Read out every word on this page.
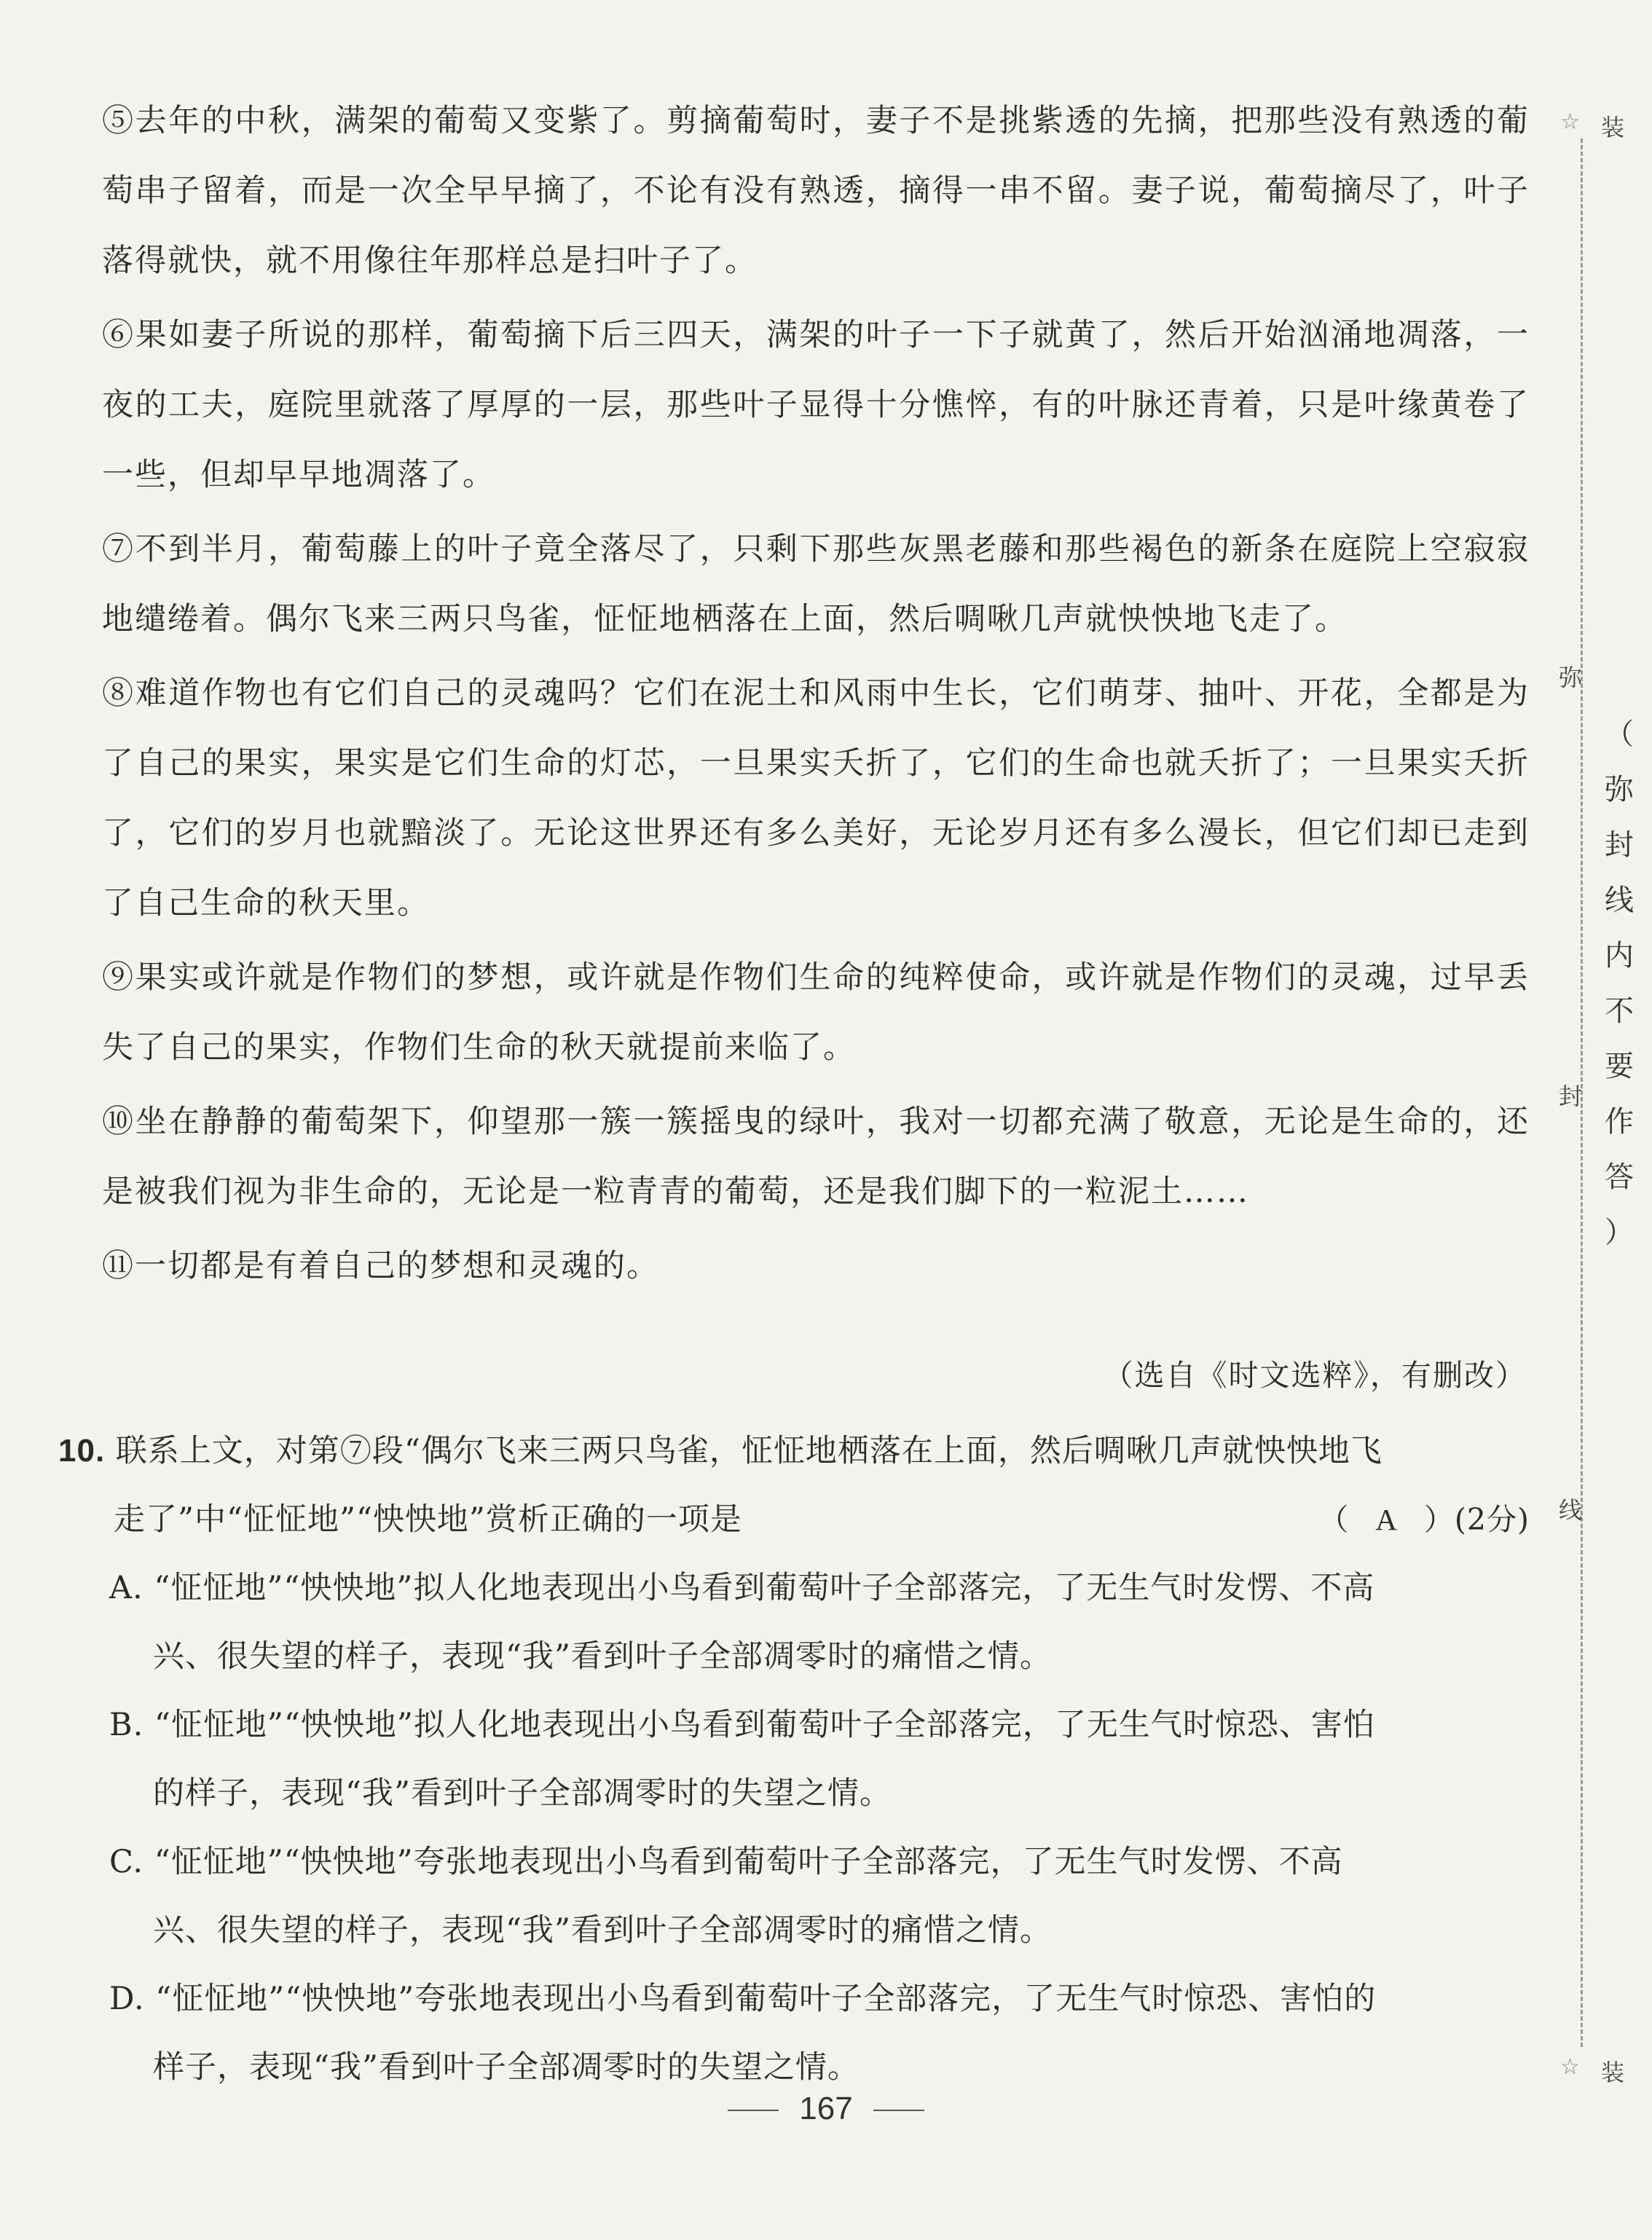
⑤去年的中秋，满架的葡萄又变紫了。剪摘葡萄时，妻子不是挑紫透的先摘，把那些没有熟透的葡萄串子留着，而是一次全早早摘了，不论有没有熟透，摘得一串不留。妻子说，葡萄摘尽了，叶子落得就快，就不用像往年那样总是扫叶子了。

⑥果如妻子所说的那样，葡萄摘下后三四天，满架的叶子一下子就黄了，然后开始汹涌地凋落，一夜的工夫，庭院里就落了厚厚的一层，那些叶子显得十分憔悴，有的叶脉还青着，只是叶缘黄卷了一些，但却早早地凋落了。

⑦不到半月，葡萄藤上的叶子竟全落尽了，只剩下那些灰黑老藤和那些褐色的新条在庭院上空寂寂地缱绻着。偶尔飞来三两只鸟雀，怔怔地栖落在上面，然后啁啾几声就怏怏地飞走了。

⑧难道作物也有它们自己的灵魂吗？它们在泥土和风雨中生长，它们萌芽、抽叶、开花，全都是为了自己的果实，果实是它们生命的灯芯，一旦果实夭折了，它们的生命也就夭折了；一旦果实夭折了，它们的岁月也就黯淡了。无论这世界还有多么美好，无论岁月还有多么漫长，但它们却已走到了自己生命的秋天里。

⑨果实或许就是作物们的梦想，或许就是作物们生命的纯粹使命，或许就是作物们的灵魂，过早丢失了自己的果实，作物们生命的秋天就提前来临了。

⑩坐在静静的葡萄架下，仰望那一簇一簇摇曳的绿叶，我对一切都充满了敬意，无论是生命的，还是被我们视为非生命的，无论是一粒青青的葡萄，还是我们脚下的一粒泥土……

⑪一切都是有着自己的梦想和灵魂的。

（选自《时文选粹》，有删改）

10. 联系上文，对第⑦段“偶尔飞来三两只鸟雀，怔怔地栖落在上面，然后啁啾几声就怏怏地飞

走了”中“怔怔地”“怏怏地”赏析正确的一项是	（ A ）(2分)

A. “怔怔地”“怏怏地”拟人化地表现出小鸟看到葡萄叶子全部落完，了无生气时发愣、不高
兴、很失望的样子，表现“我”看到叶子全部凋零时的痛惜之情。
B. “怔怔地”“怏怏地”拟人化地表现出小鸟看到葡萄叶子全部落完，了无生气时惊恐、害怕
的样子，表现“我”看到叶子全部凋零时的失望之情。
C. “怔怔地”“怏怏地”夸张地表现出小鸟看到葡萄叶子全部落完，了无生气时发愣、不高
兴、很失望的样子，表现“我”看到叶子全部凋零时的痛惜之情。
D. “怔怔地”“怏怏地”夸张地表现出小鸟看到葡萄叶子全部落完，了无生气时惊恐、害怕的
样子，表现“我”看到叶子全部凋零时的失望之情。
167
☆ 装
弥
封
线
☆ 装
（
弥
封
线
内
不
要
作
答
）
